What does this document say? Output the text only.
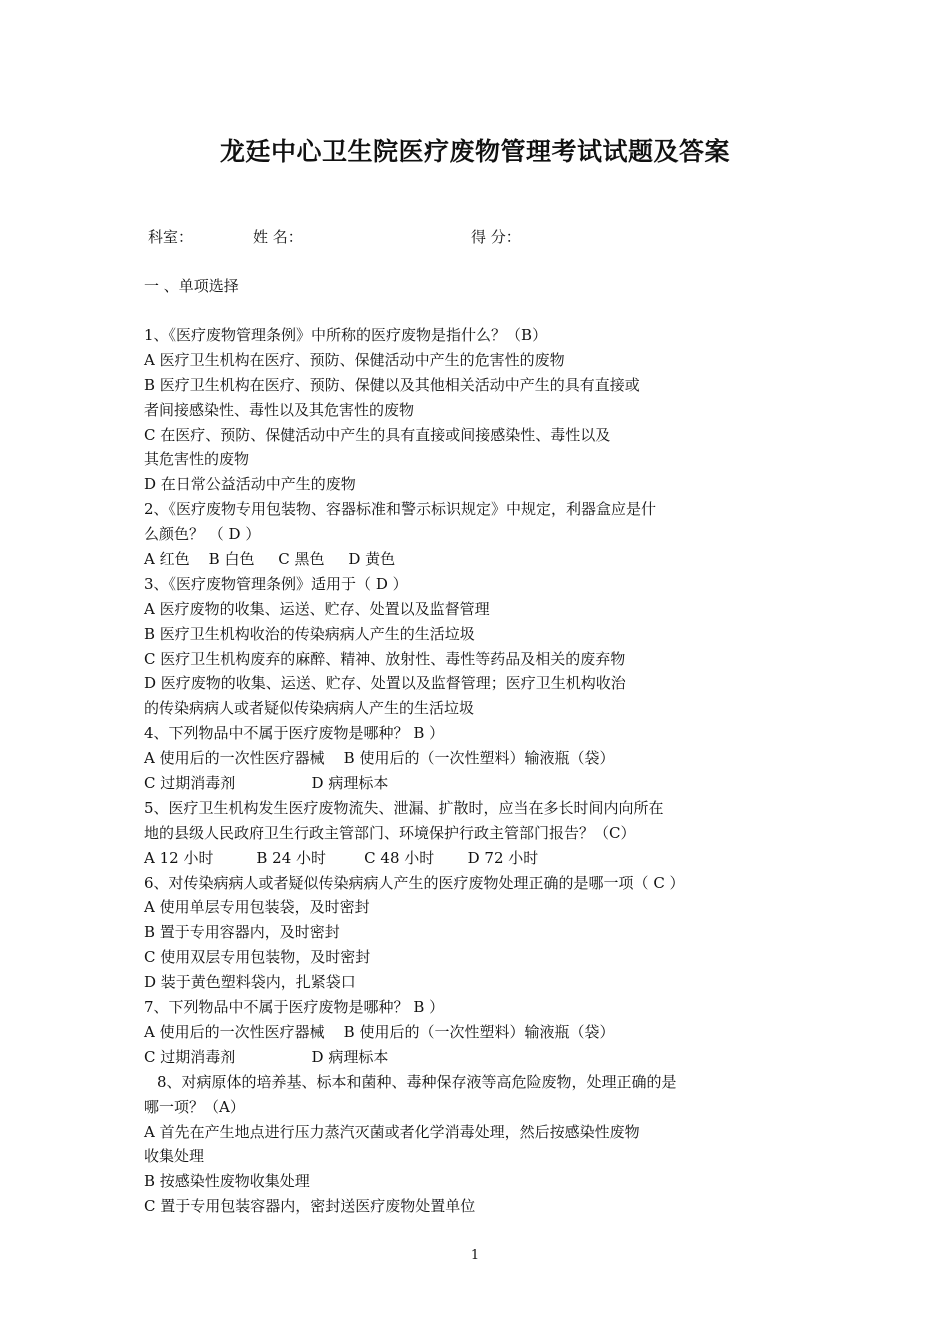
龙廷中心卫生院医疗废物管理考试试题及答案
科室：	姓 名：	得 分：
一 、单项选择
1、《医疗废物管理条例》中所称的医疗废物是指什么？（B）
A 医疗卫生机构在医疗、预防、保健活动中产生的危害性的废物
B 医疗卫生机构在医疗、预防、保健以及其他相关活动中产生的具有直接或
者间接感染性、毒性以及其危害性的废物
C 在医疗、预防、保健活动中产生的具有直接或间接感染性、毒性以及
其危害性的废物
D 在日常公益活动中产生的废物
2、《医疗废物专用包装物、容器标准和警示标识规定》中规定，利器盒应是什
么颜色？ （ D ）
A 红色    B 白色     C 黑色     D 黄色
3、《医疗废物管理条例》适用于（ D ）
A 医疗废物的收集、运送、贮存、处置以及监督管理
B 医疗卫生机构收治的传染病病人产生的生活垃圾
C 医疗卫生机构废弃的麻醉、精神、放射性、毒性等药品及相关的废弃物
D 医疗废物的收集、运送、贮存、处置以及监督管理；医疗卫生机构收治
的传染病病人或者疑似传染病病人产生的生活垃圾
4、下列物品中不属于医疗废物是哪种？ B ）
A 使用后的一次性医疗器械    B 使用后的（一次性塑料）输液瓶（袋）
C 过期消毒剂                D 病理标本
5、医疗卫生机构发生医疗废物流失、泄漏、扩散时，应当在多长时间内向所在
地的县级人民政府卫生行政主管部门、环境保护行政主管部门报告？（C）
A 12 小时         B 24 小时        C 48 小时       D 72 小时
6、对传染病病人或者疑似传染病病人产生的医疗废物处理正确的是哪一项（ C ）
A 使用单层专用包装袋，及时密封
B 置于专用容器内，及时密封
C 使用双层专用包装物，及时密封
D 装于黄色塑料袋内，扎紧袋口
7、下列物品中不属于医疗废物是哪种？ B ）
A 使用后的一次性医疗器械    B 使用后的（一次性塑料）输液瓶（袋）
C 过期消毒剂                D 病理标本
8、对病原体的培养基、标本和菌种、毒种保存液等高危险废物，处理正确的是
哪一项？（A）
A 首先在产生地点进行压力蒸汽灭菌或者化学消毒处理，然后按感染性废物
收集处理
B 按感染性废物收集处理
C 置于专用包装容器内，密封送医疗废物处置单位
1
